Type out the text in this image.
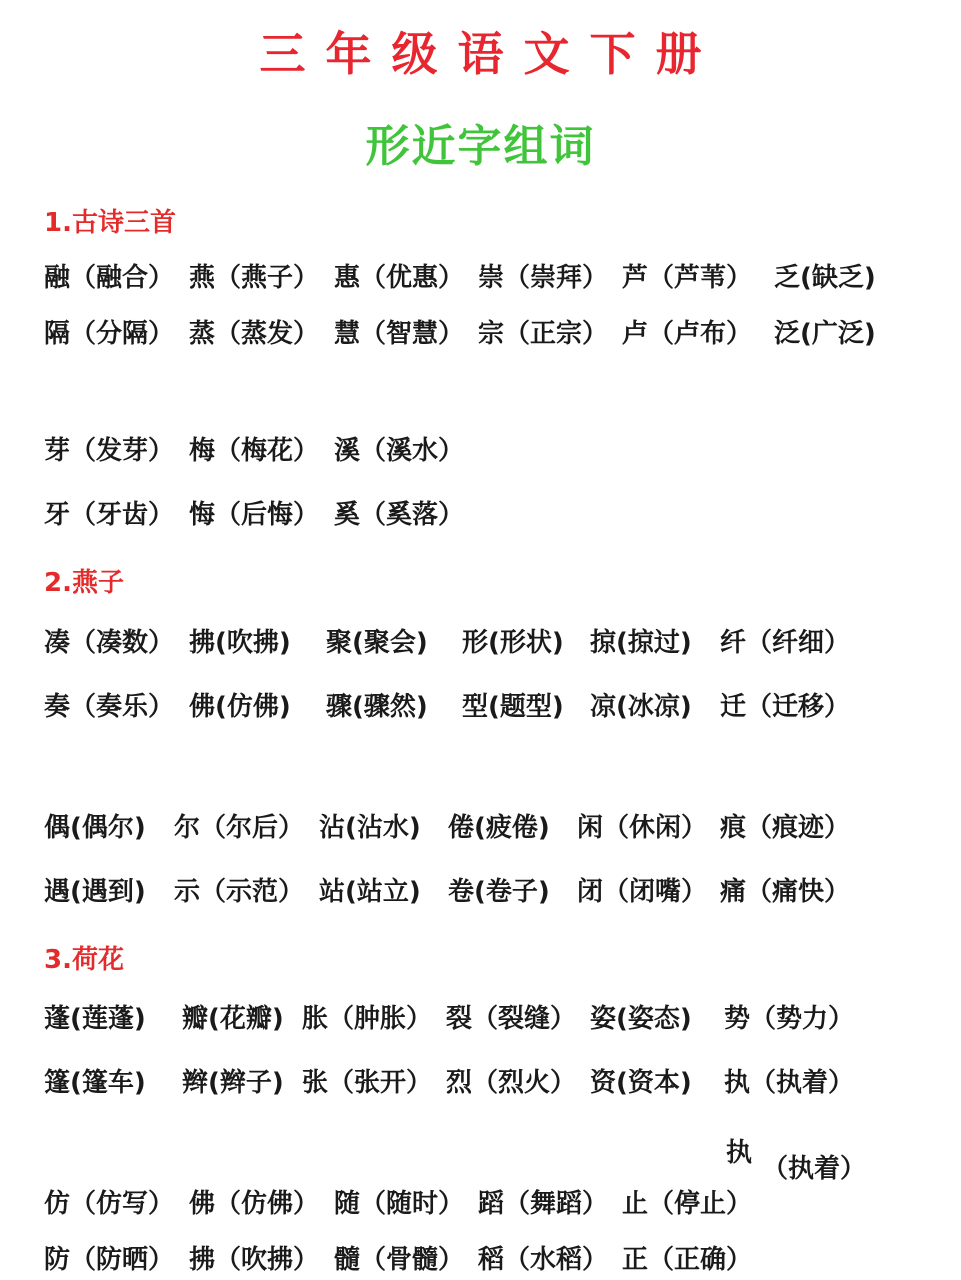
三年级语文下册
形近字组词
1.古诗三首
融（融合） 燕（燕子） 惠（优惠） 崇（崇拜） 芦（芦苇） 乏(缺乏)
隔（分隔） 蒸（蒸发） 慧（智慧） 宗（正宗） 卢（卢布） 泛(广泛)
芽（发芽） 梅（梅花） 溪（溪水）
牙（牙齿） 悔（后悔） 奚（奚落）
2.燕子
凑（凑数） 拂(吹拂) 聚(聚会) 形(形状) 掠(掠过) 纤（纤细）
奏（奏乐） 佛(仿佛) 骤(骤然) 型(题型) 凉(冰凉) 迁（迁移）
偶(偶尔) 尔（尔后） 沾(沾水) 倦(疲倦) 闲（休闲） 痕（痕迹）
遇(遇到) 示（示范） 站(站立) 卷(卷子) 闭（闭嘴） 痛（痛快）
3.荷花
蓬(莲蓬) 瓣(花瓣) 胀（肿胀） 裂（裂缝） 姿(姿态) 势（势力）
篷(篷车) 辫(辫子) 张（张开） 烈（烈火） 资(资本) 执（执着）
执
（执着）
仿（仿写） 佛（仿佛） 随（随时） 蹈（舞蹈） 止（停止）
防（防晒） 拂（吹拂） 髓（骨髓） 稻（水稻） 正（正确）
